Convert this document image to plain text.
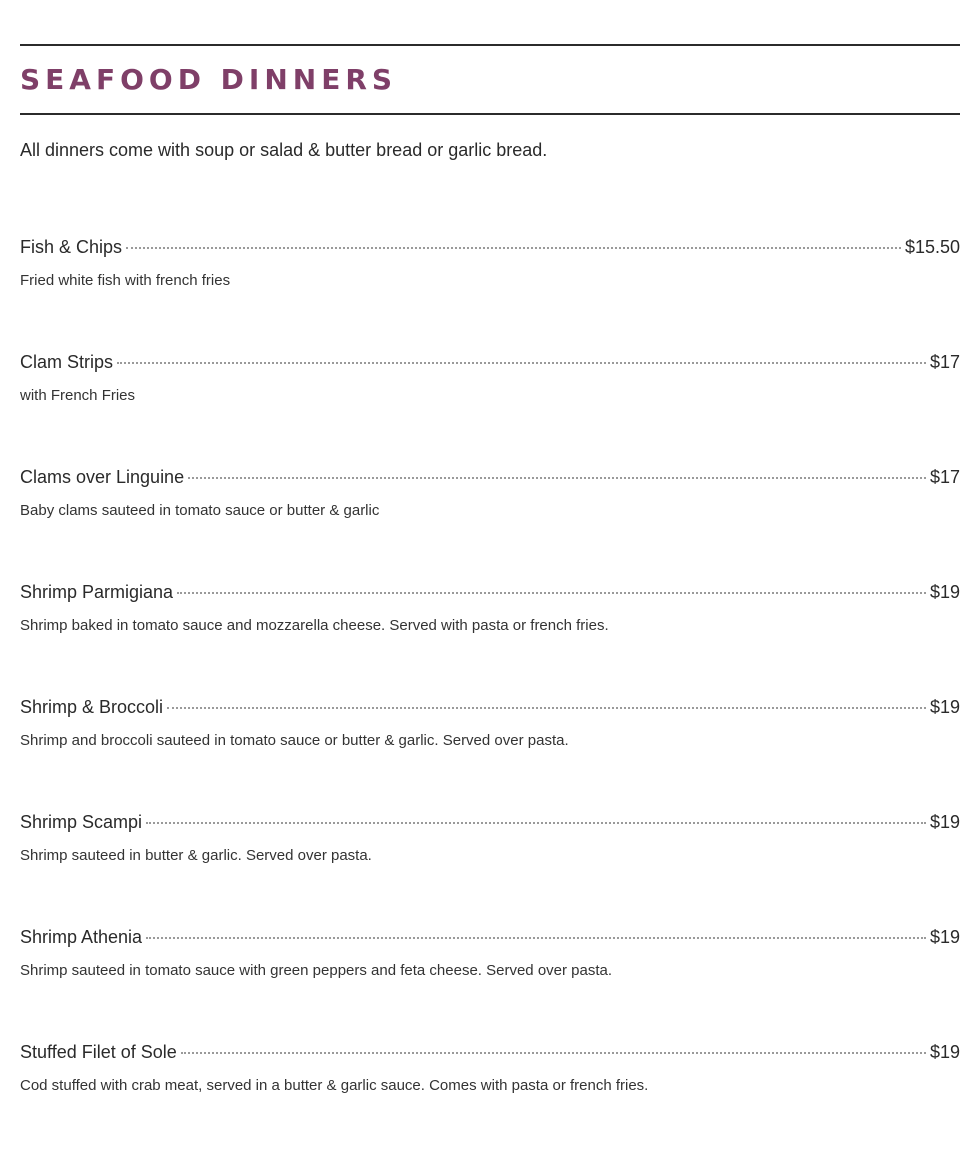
SEAFOOD DINNERS

All dinners come with soup or salad & butter bread or garlic bread.

Fish & Chips	$15.50
Fried white fish with french fries
Clam Strips	$17
with French Fries
Clams over Linguine	$17
Baby clams sauteed in tomato sauce or butter & garlic
Shrimp Parmigiana	$19
Shrimp baked in tomato sauce and mozzarella cheese. Served with pasta or french fries.
Shrimp & Broccoli	$19
Shrimp and broccoli sauteed in tomato sauce or butter & garlic. Served over pasta.
Shrimp Scampi	$19
Shrimp sauteed in butter & garlic. Served over pasta.
Shrimp Athenia	$19
Shrimp sauteed in tomato sauce with green peppers and feta cheese. Served over pasta.
Stuffed Filet of Sole	$19
Cod stuffed with crab meat, served in a butter & garlic sauce. Comes with pasta or french fries.
